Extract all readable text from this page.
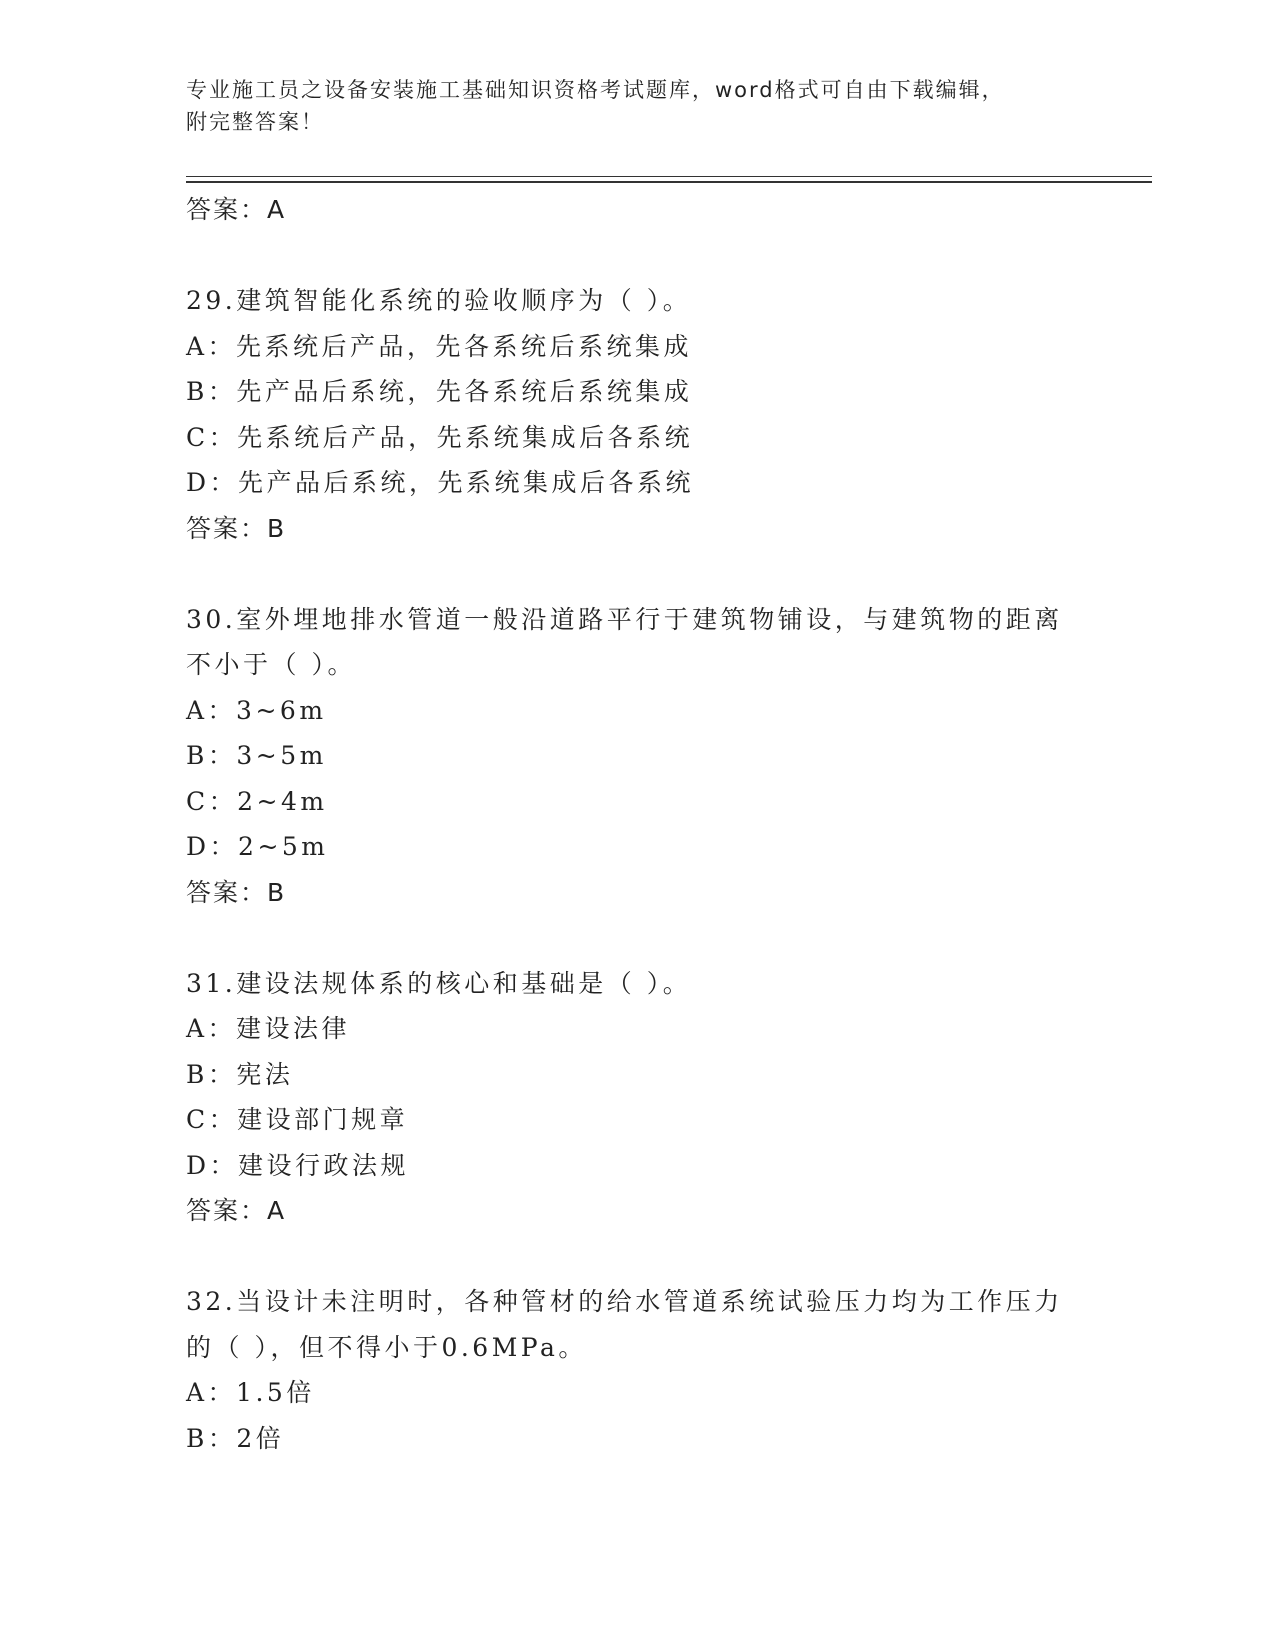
专业施工员之设备安装施工基础知识资格考试题库，word格式可自由下载编辑，
附完整答案！
答案：A
29.建筑智能化系统的验收顺序为（ ）。
A：先系统后产品，先各系统后系统集成
B：先产品后系统，先各系统后系统集成
C：先系统后产品，先系统集成后各系统
D：先产品后系统，先系统集成后各系统
答案：B
30.室外埋地排水管道一般沿道路平行于建筑物铺设，与建筑物的距离
不小于（ ）。
A：3~6m
B：3~5m
C：2~4m
D：2~5m
答案：B
31.建设法规体系的核心和基础是（ ）。
A：建设法律
B：宪法
C：建设部门规章
D：建设行政法规
答案：A
32.当设计未注明时，各种管材的给水管道系统试验压力均为工作压力
的（ ），但不得小于0.6MPa。
A：1.5倍
B：2倍
